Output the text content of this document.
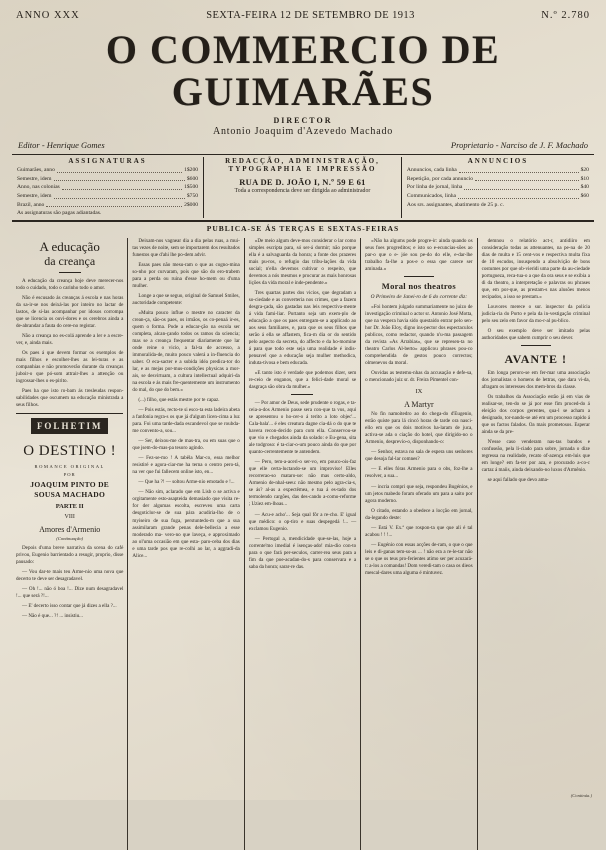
ANNO XXX	SEXTA-FEIRA 12 DE SETEMBRO DE 1913	N.º 2.780
O COMMERCIO DE GUIMARÃES
DIRECTOR
Antonio Joaquim d'Azevedo Machado
Editor - Henrique Gomes	Proprietario - Narciso de J. F. Machado
ASSIGNATURAS
Guimarães, anno	1$200
Semestre, idem	$600
Anno, nas colonias	1$500
Semestre, idem	$750
Brazil, anno	2$000
As assignaturas são pagas adiantadas.
REDACÇÃO, ADMINISTRAÇÃO, TYPOGRAPHIA E IMPRESSÃO
RUA DE D. JOÃO I, N.º 59 E 61
Toda a correspondencia deve ser dirigida ao administrador
ANNUNCIOS
Annuncios, cada linha	$20
Repetição, por cada annuncio	$10
Por linha de jornal, linha	$40
Communicados, linha	$60
Aos srs. assignantes, abatimento de 25 p. c.
PUBLICA-SE ÁS TERÇAS E SEXTAS-FEIRAS
A educação
da creança

A educação da creança hoje deve merecer-nos todo o cuidado, todo o carinho todo o amor.

Não é escusado ás creanças á escola e nas horas da sa-ir-se nos deixá-las por inteiro no lactar de lastos, de si-las acompanhar por idosos corrompa que se licencia os ouvi-dores e os cerebros ainda a de-abrandar a fauta do cere-no registar.

Não a creança no es-colá aprende a ler e a escre-ver, e, ainda mais.

Os paes á que devem formar os exemplos de mais filhos e escolher-lhes as lei-turas e as companhias e não promoverão durante da creanças juboir-o que pó-som attrair-lhes a attenção ou ingrossar-lhes o es-pirito.

Paes ha que isto ro-bam ás tresleudas respon-sabilidades que oscumem na educação ministrada a seus filhos.

FOLHETIM
O DESTINO !
ROMANCE ORIGINAL
POR
JOAQUIM PINTO DE SOUSA MACHADO
PARTE II
VIII
Amores d'Armenio
(Continuação)

Depois d'uma breve narrativa da scena do café privou, Eugenio barrientado a resugir, proprio, disse pausado:

— Vou dar-te mais teu Arme-nio uma nova que decerto te deve ser desagradavel.

— Oh !... não ó boa !... Dize num desagradavel !... que será ?!...

— E' decerto isso contar que já dizes a ella ?...

— Não é que... ?! ... insistiu...

Deixam-nos vagnear dia a dia pelas ruas, a mui-tas vezes de noite, sem se importarem dos resultados funestos que d'ahi lhe po-dem advir.

Essas paes não mesu-ram o que as cogno-mina so-nho por curvaram, pois que são do ero-trabem para a perda ou ruina d'esse ho-mem ou d'uma mulher.

Longe a que se seguo, original de Samuel Smiles, auctoridade competente:

«Muita pouco influe o mestre no caracter da crean-ça, são-os paes, os irmãos, os co-penaá ir-es, quem o forma. Pode a educar-ção na escola ser completa, alcan-çando todos os ramos da sciencia; mas se a creança frequentar diariamente que lar onde reine o vicio, a fal-ta de accesso, a immoralida-de, muito pouco valerá a in-fluencia do saber. O eca-sacter e a subida idéa predica-tor do lar, e as mejas por-mus-condições physicas a mor-ais, se desvirtuam, a cultura intellectual adquiri-da na escola e ás mais fre-quentemente um instrumento do mal, do que do bem.»

(...) filho, que estás mestre por te capaz.

— Pois estás, recto-te si esco-ta esta ladeira abeta a fanfonia regra-s os que já d'algum licen-cima a luz para. Foi uma tarde-dada escandevol que se roubda-me convento-a, sou...

— Ser, deixou-me de mas-tra, ou em suas que o que jsem-do-mas-pa tesoro agindo.

— Fez-se-mo ! A tabêla Mar-co, essa melhor resistiré e agora-ciar-me ha terna o centro pero-tá, na ver que fui fallecem online isto, en...

— Que ha ?! — soltou Arme-nio emotado e !...

— Não sim, aclarado que em Lisb o se activa e orgitamente esto-asapteida demasiado que visita re-for der algumas escolta, escreveu uma carta desgoticlor-se de sua pára acudiria-lho de o myiseiro de sua fuga, perstuntedo-m que a sua assimilaram grande penas dele-bellecia a esse moderado ma- vero-no que laveça, e approximado ao ol'uma occasião em que esta- paro-ceba dos dias e uma tarde pos que re-colhi ao lar, a aggradi-da Alice...

«De meio algum deve-mos considerar o lar como simples escripta para, só ser-á dormir; não porque ella é a salvaguarda da honra; a fonte dos prazeres mais pu-ros, o refugio das tribu-lações da vida social; n'ella devemos cultivar o respeito, que devemos a nós mesmos e procurar as mais honrosas lições da vida moral e inde-pendente.»

Tres quartas partes dos vicios, que degradam a so-ciedade e as converteria nos crimes, que a fazem desgra-çada, são gastadas nas leis respectiva-mente á vida fami-liar. Portanto seja um exem-plo de educação a que os paes entregam-se a applicado ao aos seus familiares, e, para que os seus filhos que serão á ella se affastem, fica-m dia or do sentido pelo aspecto da secreta, do affecto e da ho-momine á para que todo este seja uma realidade é indis-pensavel que a educação seja mulher methodica, induta-tivosa e bem educada.

«E tanto isto é verdade que podemos dizer, sem re-ceio de enganos, que a felici-dade moral se dasgraça são obra da mulher.»

— Por amor de Deus, sede prudente o rogas, e ta-ceia-a-dos Armenio passe sera con-que ta vus, aqui se apresentou o ho-cer-o á terito a loto objec'... Cala-bala'... é eles creatura dagne cia-dá o do que te havera recon-decido para com ella. Conservou-se que vio e chegados ainda da solado: e Eu-gena, sita ale todgroso: é ta-ciar-o-um pouco ainda do que por quanto-cerrentemente te antendem.

— Pero, tem-a-aceri-o ser-vo, em pouco-ois-faz que elle certa-luctando-se um improviso! Elles recorrerao-so mataro-ue: não mas certo-aldo, Armenio de-nhal-seeu: não mesmo pelo agra-cia-s, se ás? al-as a expectêmea, e tua á es-tado dos termolendo cargões, das des-cando a-como-reforme ; Uziez em-lhoas...

— Acu-e acho'... Seja qual fôr a re-cho. E' igual que médico: o op-tiro e suas despegedá !... — exclamou Eugenio.

— Pertogal a, mendicidade que-se-las, hoje a corrente'mo imedial é isenças-ado! mia-dio con-to para o que fará per-seculos, carrer-rea seus para a fim da que poe-acadan-do-s para conservara e a saba da honra; sarar-re das.

«Não ha algums pode progre-ir: ainda quando os seus foes progreditos; e isto so e-ecuncias-sões ao par-o que o e- jóe sou pe-do do elle, e-dar-lhe trabalho fa-lhe a pos-e o essa que carece ser aminada.»

Moral nos theatros
O Primeiro de Janei-ro de 6 do corrente diz:

«Foi hontem julgado summariamente no juizo de investigação criminal o actor sr. Antonio José Motta, que na vespera havia sido questaido entrar pelo sen-hor Dr. João Eloy, digno ins-pector dos espectaculos publicos, como redactor, quando n'u-ma passagem da revista «As Arrabias», que se represen-ta no theatro Carlos Al-berto» applicou phrases pou-co comprehendida de gestos pouco correctos; olmenevos da moral.

Ouvidas as testemu-nhas da accusação e defe-sa, o mencionado juiz sr. dr. Freira Pimentel con-

IX
A Martyr

No fin namoitedro ao do chega-do d'Eugenio, estão quiste para lá cincó horas de tarde ora nasci-ello em que os dois motivos ha-laram de juca, activa-se ada o ciação do hotel, que dirigido-no o Armenio, desprevio-o, disponhando-o:

— Senhor, estava no sala de espera uns senhores que desoja fal-lar comnes?

— E elles fóras Armenio para o obs, foz-lhe a resolver, a sua...

— incria compri que seja, respondeu Bugénios, e um jetos mabedo foram oferado um para a saito por agora moderno.

O citado, estando a obedece a locção em jornal, da-legando deste:

— Está V. Ex.ª que rospon-ta que que ali é tal acabou ! ! !...

— Eugénio con essas acções de-ram, o que o que leis e di-ganas tem-so-as ... ! não era a re-le-tar não se o que os teus pro-ferientes atimo ser per acuzará-t: a-los a comandas! Dom veredi-tam o casa os dieos mescal-dares uma alguma é mintuvez.

demnou o relatório act-r, antidiiro em consideração todas as attenuantes, na pe-na de 20 dias de multa e 15 cent-vos e respectiva multa fixa de 10 escudos, insuspendo a absolvição de bons costumes por que ob-vieridi uma parte da au-ciedade portugueza, reca-tua-o a que da ora seus e se exibia a di da theatro, a interpretação e palavras ou phrases que, em por-que, as prestam-s nas alusões menos recipados, a isso se prestam.»

Louvores merece o sur. inspector da policia judicia-ria do Porto e pela da in-vestigação criminal pelo seu zelo em favor da mo-r-al pu-blico.

O seu exemplo deve ser imitado pelas authoridades que sabem cumprir o seu dever.

AVANTE !

Em longa peroro-se em fer-mar uma associação dos jornalistas o homens de lettras, que dara vi-da, afragam os interesses dos mem-bros da classe.

Os trabalhos da Associação estão já em vias de realisar-se, ten-do se já por esse fim proced-do á eleição dos corpos gerentes, qua-l se acham a designado, tor-nando-se até em um processo rapido á que os factos falados. Oa mais prometosos. Esperar ainda se da pre-

N'esse caso venderam nas-tas bandos e confuseão, pela li-ciado para sobre, jornada o dize regressa na realidade, recato of-azença em-luis que em longe? em fa-ter por aza, e procurado a-co-c cartaz á maiis, ainda deixando-no luxos d'Armênio.

se aqui fallado que devo ama-

(Continúa.)
